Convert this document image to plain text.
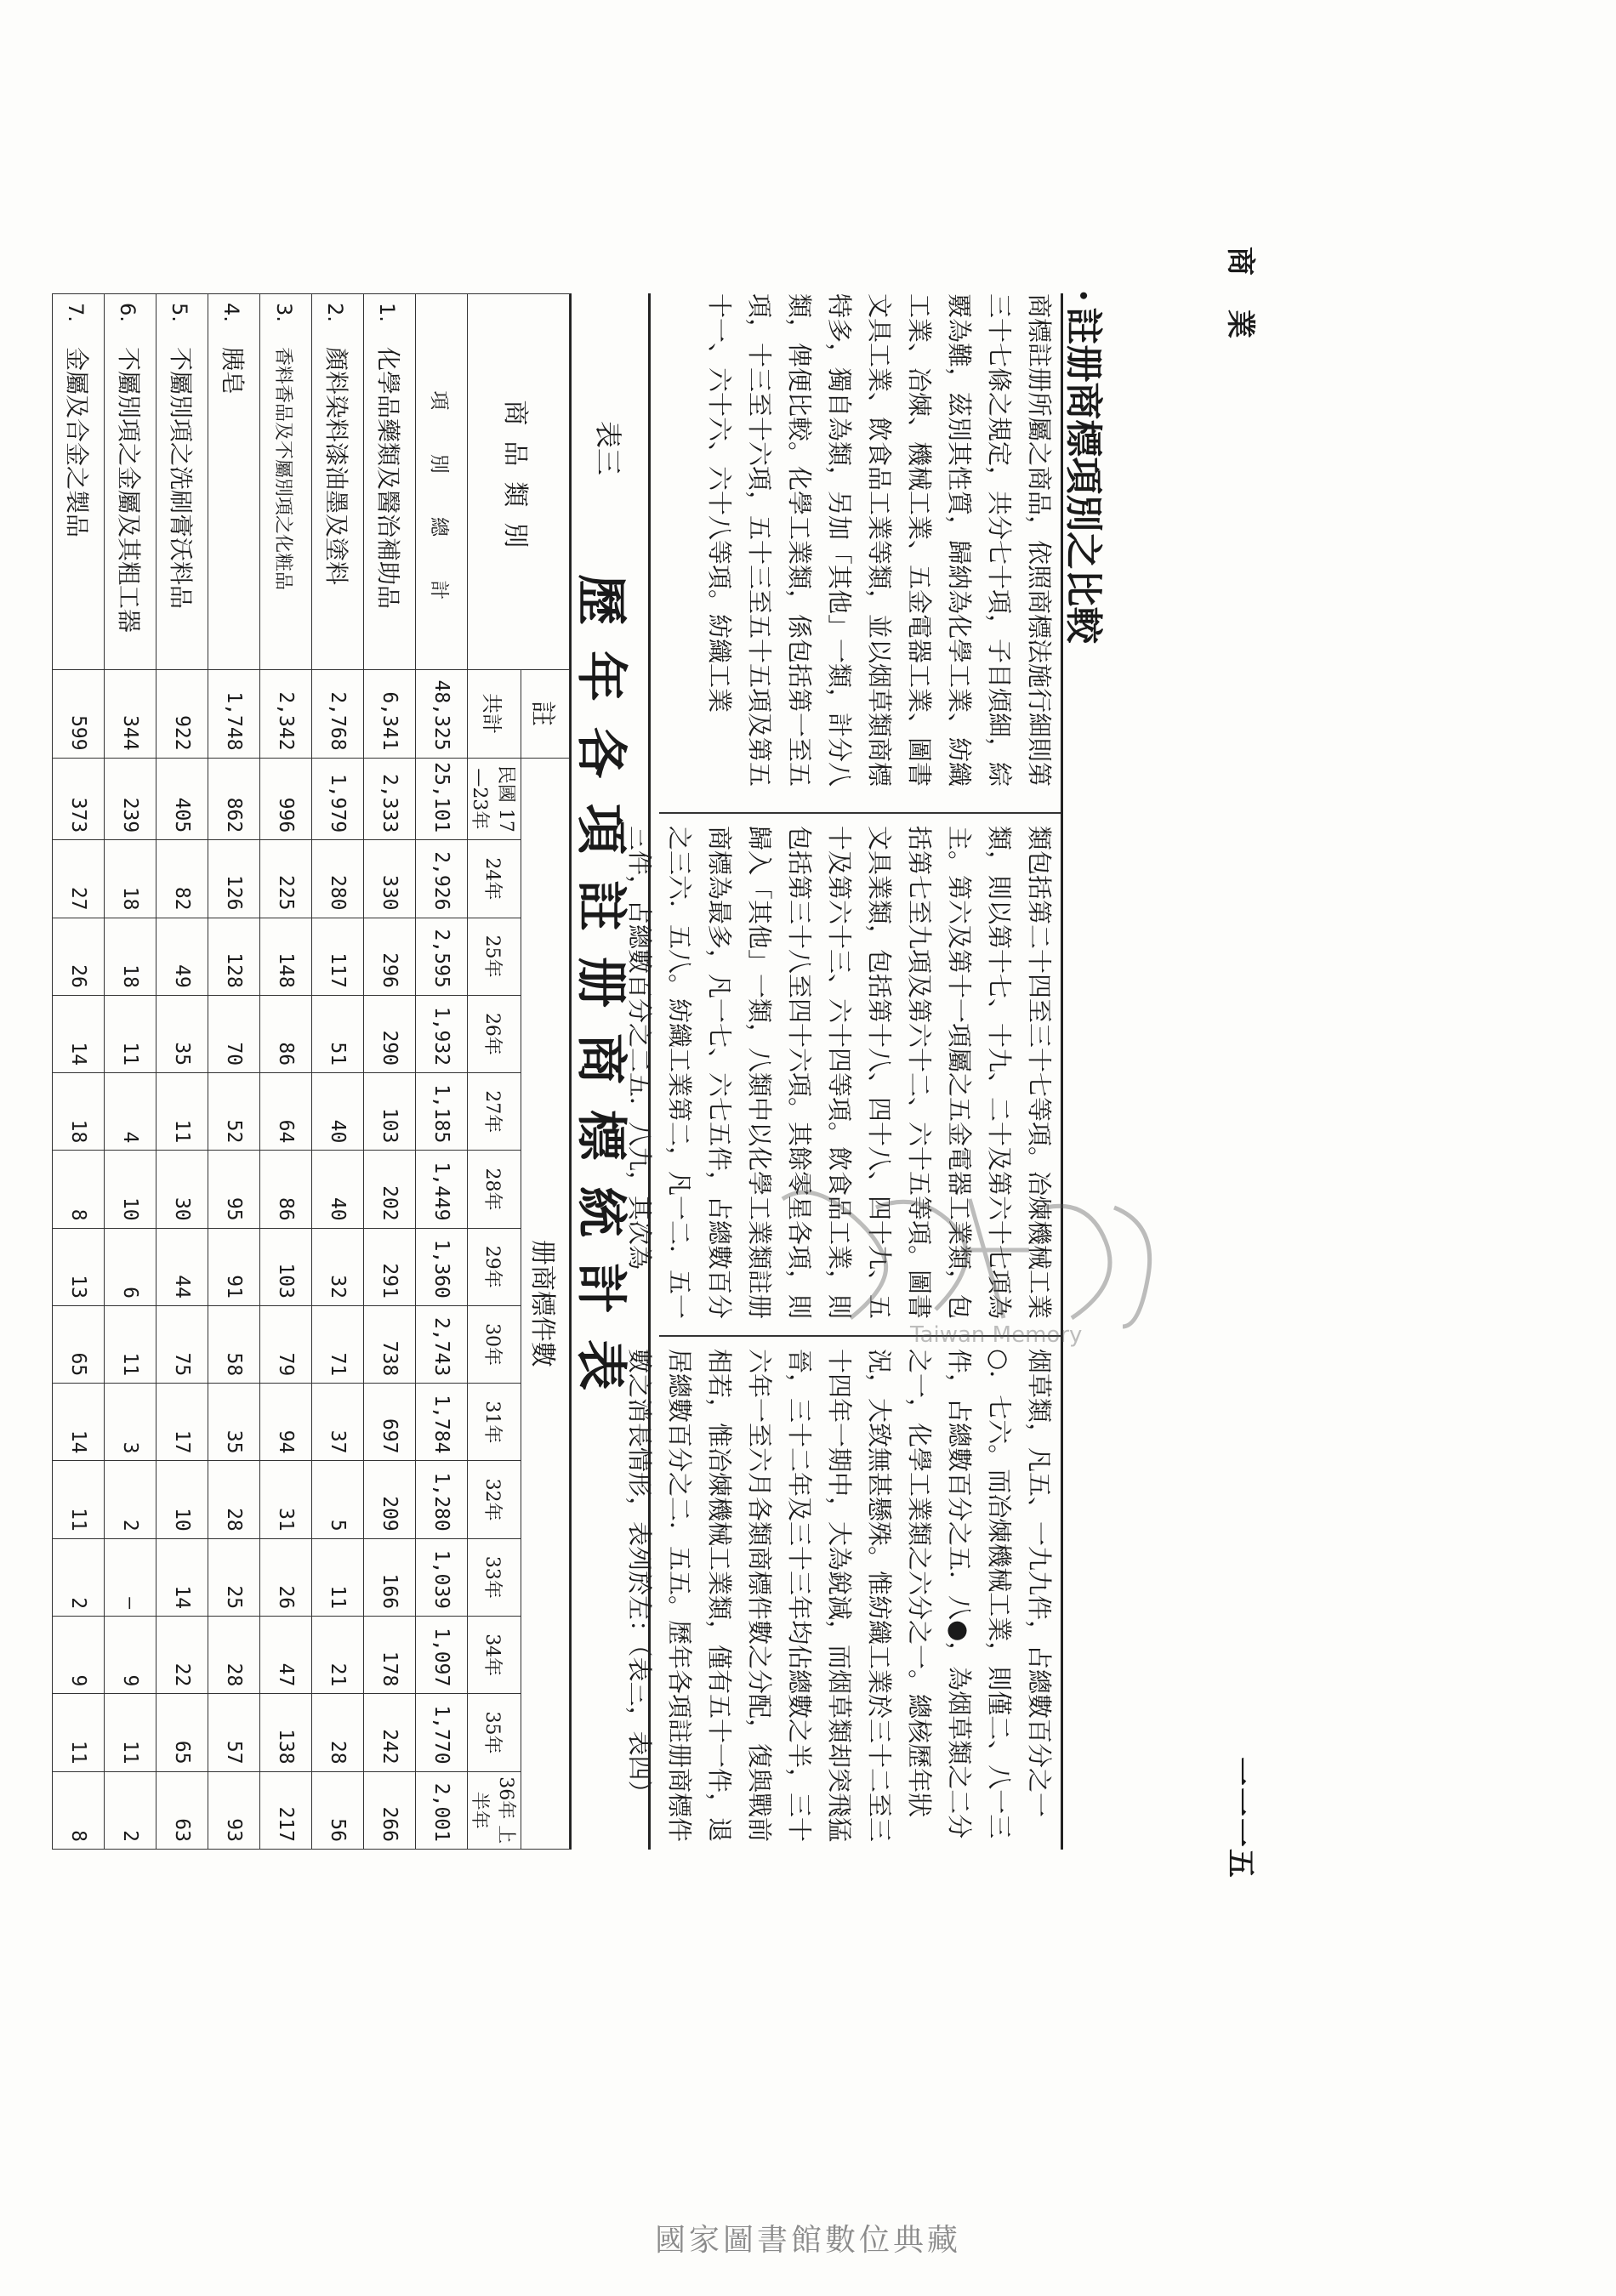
商 業
一一一五
·註册商標項別之比較
商標註册所屬之商品，依照商標法施行細則第三十七條之規定，共分七十項，子目煩細，綜覈為難，茲別其性質，歸納為化學工業、紡織工業、冶煉、機械工業、五金電器工業、圖書文具工業、飲食品工業等類，並以烟草類商標特多，獨自為類，另加「其他」一類，計分八類，俾便比較。化學工業類，係包括第一至五項，十三至十六項，五十三至五十五項及第五十一、六十六、六十八等項。紡織工業
類包括第二十四至三十七等項。冶煉機械工業類，則以第十七、十九、二十及第六十七項為主。第六及第十一項屬之五金電器工業類，包括第七至九項及第六十二、六十五等項。圖書文具業類，包括第十八、四十八、四十九、五十及第六十三、六十四等項。飲食品工業，則包括第三十八至四十六項。其餘零星各項，則歸入「其他」一類，八類中以化學工業類註册商標為最多，凡一七、六七五件，占總數百分之三六．五八。紡織工業第二，凡一二．五一三件，占總數百分之二五．八九，其次為
烟草類，凡五、一九九件，占總數百分之一○．七六。而冶煉機械工業，則僅二、八一三件，占總數百分之五．八●，為烟草類之二分之一，化學工業類之六分之一。總核歷年狀況，大致無甚懸殊。惟紡織工業於三十二至三十四年一期中，大為銳減，而烟草類却突飛猛晉，三十二年及三十三年均佔總數之半，三十六年一至六月各類商標件數之分配，復與戰前相若，惟冶煉機械工業類，僅有五十一件，退居總數百分之二．五五。歷年各項註册商標件數之消長情形，表列於左：（表三，表四）
表三
歷年各項註册商標統計表
商品類別	註	册商標件數													
	共計	民國 17—23年	24年	25年	26年	27年	28年	29年	30年	31年	32年	33年	34年	35年	36年 上半年
項 別 總 計	48,325	25,101	2,926	2,595	1,932	1,185	1,449	1,360	2,743	1,784	1,280	1,039	1,097	1,770	2,001
1.化學品藥類及醫治補助品	6,341	2,333	330	296	290	103	202	291	738	697	209	166	178	242	266
2.顏料染料漆油墨及塗料	2,768	1,979	280	117	51	40	40	32	71	37	5	11	21	28	56
3.香料香品及不屬別項之化粧品	2,342	996	225	148	86	64	86	103	79	94	31	26	47	138	217
4.胰皂	1,748	862	126	128	70	52	95	91	58	35	28	25	28	57	93
5.不屬別項之洗刷膏沃料品	922	405	82	49	35	11	30	44	75	17	10	14	22	65	63
6.不屬別項之金屬及其粗工器	344	239	18	18	11	4	10	6	11	3	2	—	9	11	2
7.金屬及合金之製品	599	373	27	26	14	18	8	13	65	14	11	2	9	11	8
Taiwan Memory
國家圖書館數位典藏
